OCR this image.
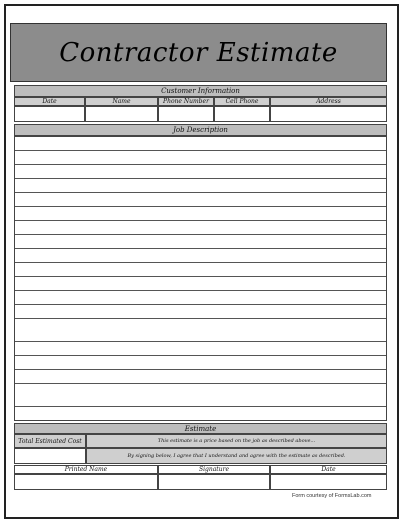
Contractor Estimate
Customer Information
Date	Name	Phone Number	Cell Phone	Address
Job Description
Estimate
Total Estimated Cost	This estimate is a price based on the job as described above...
By signing below, I agree that I understand and agree with the estimate as described.
Printed Name	Signature	Date
Form courtesy of FormsLab.com
